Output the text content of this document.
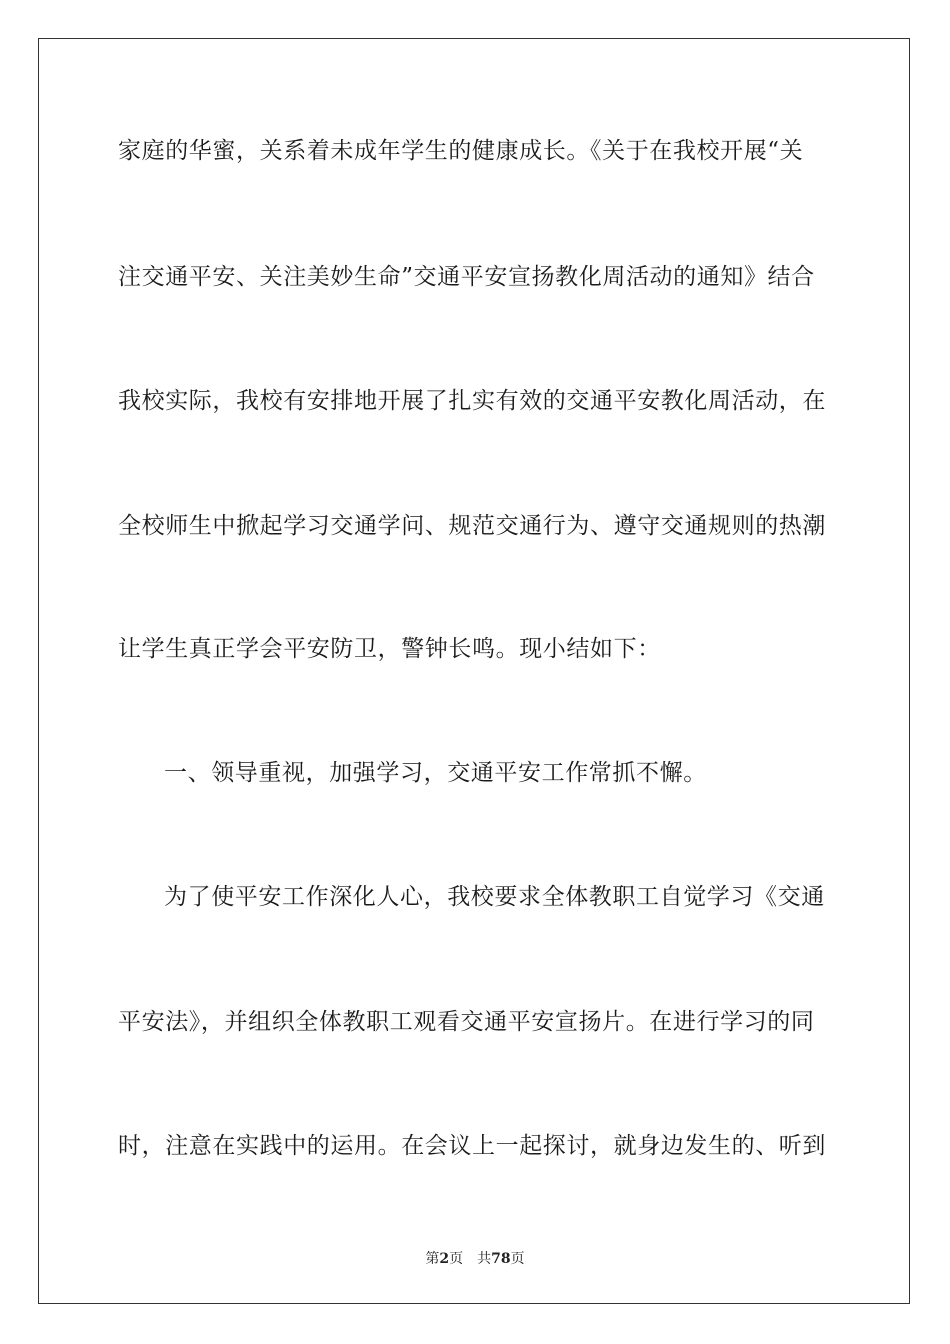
家庭的华蜜，关系着未成年学生的健康成长。《关于在我校开展“关
注交通平安、关注美妙生命”交通平安宣扬教化周活动的通知》结合
我校实际，我校有安排地开展了扎实有效的交通平安教化周活动，在
全校师生中掀起学习交通学问、规范交通行为、遵守交通规则的热潮
让学生真正学会平安防卫，警钟长鸣。现小结如下：
一、领导重视，加强学习，交通平安工作常抓不懈。
为了使平安工作深化人心，我校要求全体教职工自觉学习《交通
平安法》，并组织全体教职工观看交通平安宣扬片。在进行学习的同
时，注意在实践中的运用。在会议上一起探讨，就身边发生的、听到
第2页 共78页
